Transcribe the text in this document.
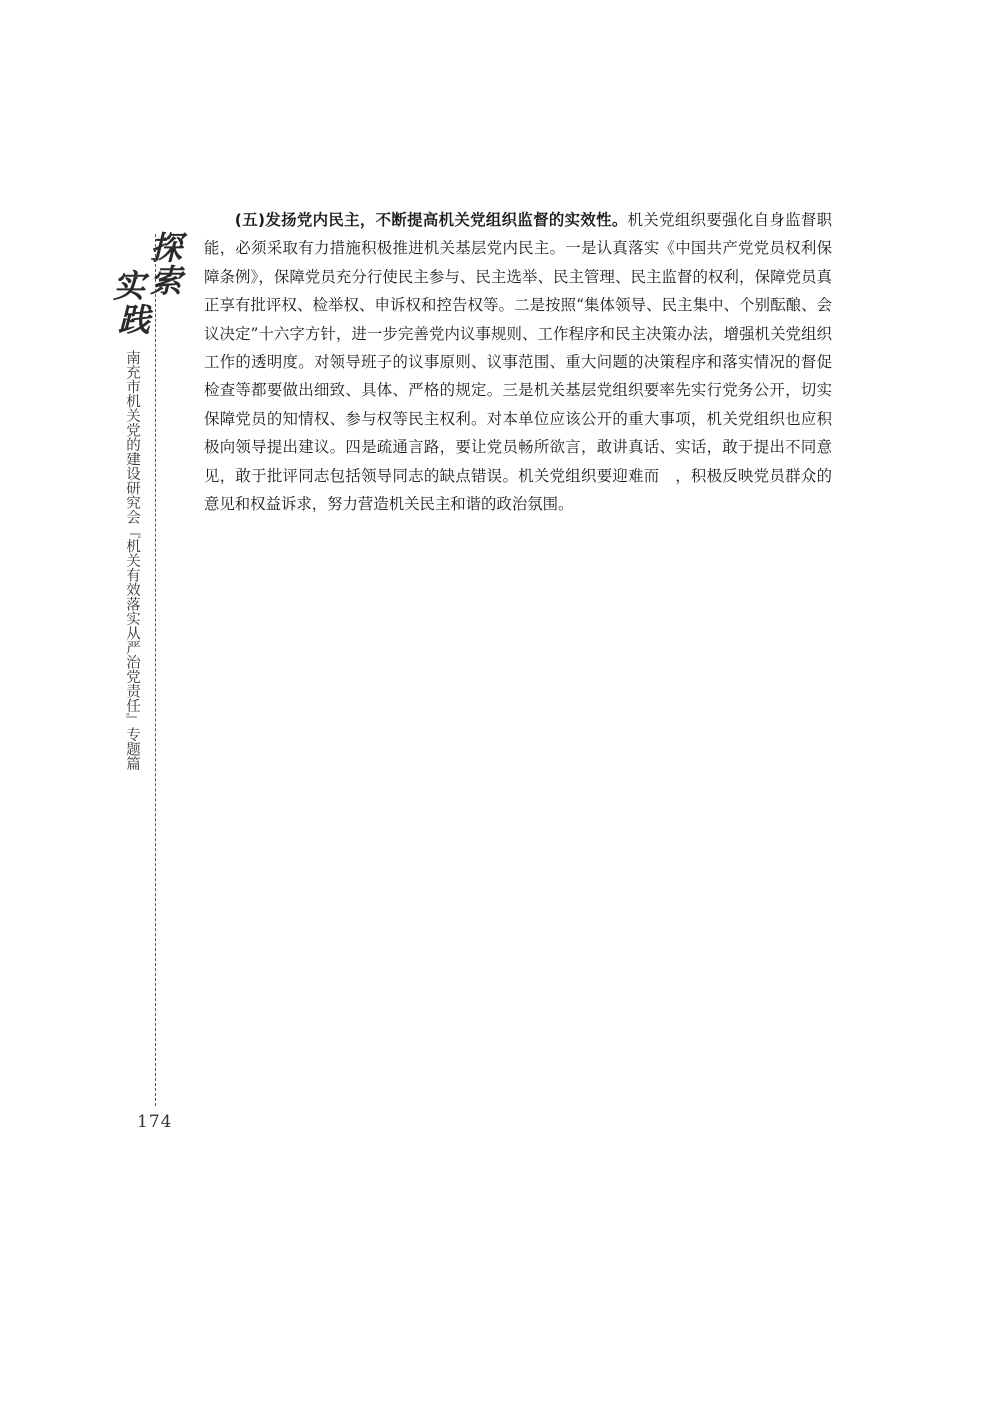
探
索
实
践
南充市机关党的建设研究会『机关有效落实从严治党责任』专题篇
174

(五)发扬党内民主，不断提高机关党组织监督的实效性。机关党组织要强化自身监督职能，必须采取有力措施积极推进机关基层党内民主。一是认真落实《中国共产党党员权利保障条例》，保障党员充分行使民主参与、民主选举、民主管理、民主监督的权利，保障党员真正享有批评权、检举权、申诉权和控告权等。二是按照“集体领导、民主集中、个别酝酿、会议决定”十六字方针，进一步完善党内议事规则、工作程序和民主决策办法，增强机关党组织工作的透明度。对领导班子的议事原则、议事范围、重大问题的决策程序和落实情况的督促检查等都要做出细致、具体、严格的规定。三是机关基层党组织要率先实行党务公开，切实保障党员的知情权、参与权等民主权利。对本单位应该公开的重大事项，机关党组织也应积极向领导提出建议。四是疏通言路，要让党员畅所欲言，敢讲真话、实话，敢于提出不同意见，敢于批评同志包括领导同志的缺点错误。机关党组织要迎难而　，积极反映党员群众的意见和权益诉求，努力营造机关民主和谐的政治氛围。
